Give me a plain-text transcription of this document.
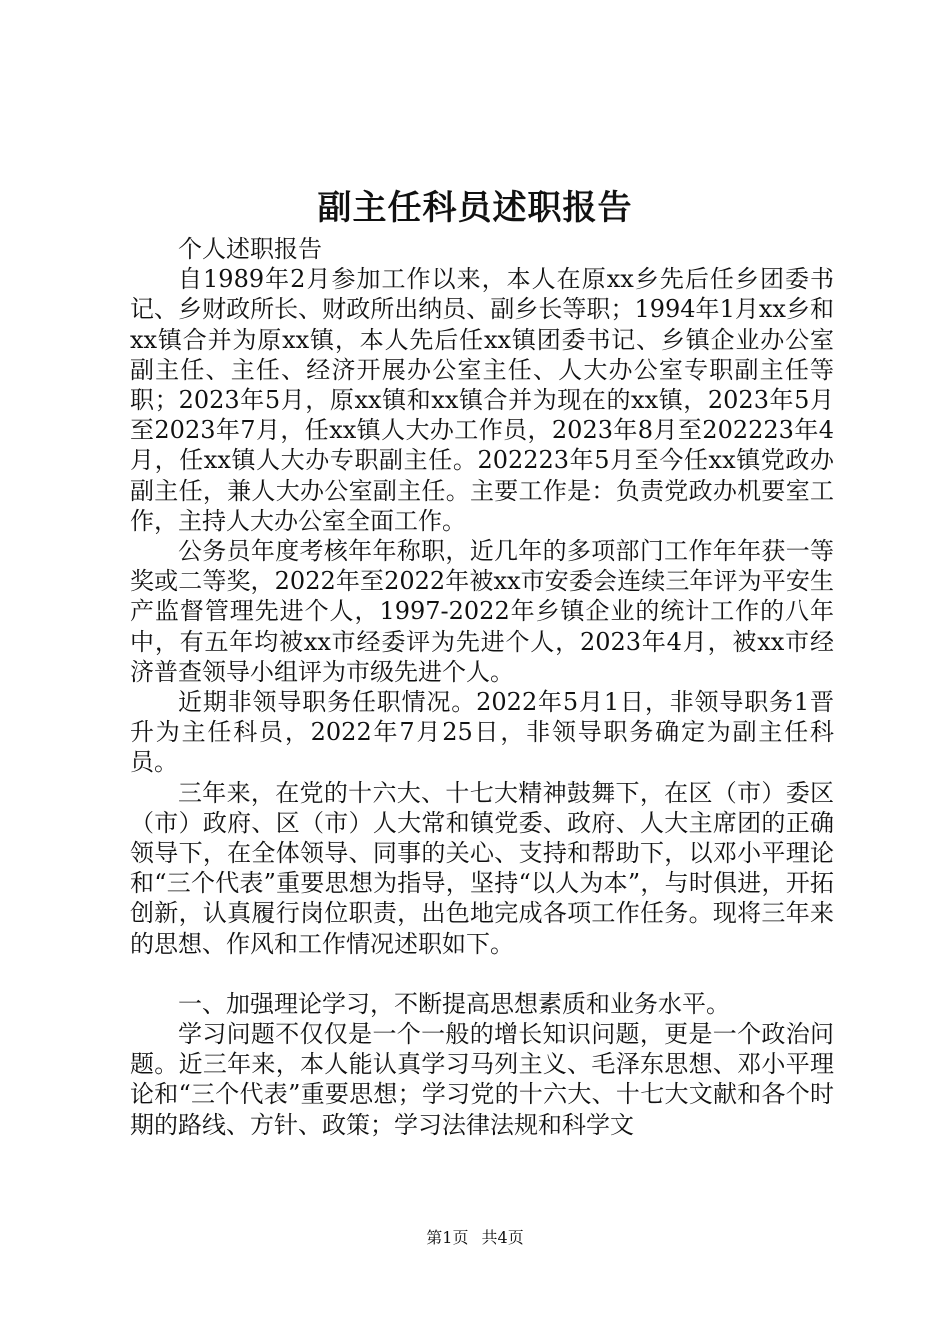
副主任科员述职报告

个人述职报告

自1989年2月参加工作以来，本人在原xx乡先后任乡团委书记、乡财政所长、财政所出纳员、副乡长等职；1994年1月xx乡和xx镇合并为原xx镇，本人先后任xx镇团委书记、乡镇企业办公室副主任、主任、经济开展办公室主任、人大办公室专职副主任等职；2023年5月，原xx镇和xx镇合并为现在的xx镇，2023年5月至2023年7月，任xx镇人大办工作员，2023年8月至202223年4月，任xx镇人大办专职副主任。202223年5月至今任xx镇党政办副主任，兼人大办公室副主任。主要工作是：负责党政办机要室工作，主持人大办公室全面工作。

公务员年度考核年年称职，近几年的多项部门工作年年获一等奖或二等奖，2022年至2022年被xx市安委会连续三年评为平安生产监督管理先进个人，1997-2022年乡镇企业的统计工作的八年中，有五年均被xx市经委评为先进个人，2023年4月，被xx市经济普查领导小组评为市级先进个人。

近期非领导职务任职情况。2022年5月1日，非领导职务1晋升为主任科员，2022年7月25日，非领导职务确定为副主任科员。

三年来，在党的十六大、十七大精神鼓舞下，在区（市）委区（市）政府、区（市）人大常和镇党委、政府、人大主席团的正确领导下，在全体领导、同事的关心、支持和帮助下，以邓小平理论和“三个代表”重要思想为指导，坚持“以人为本”，与时俱进，开拓创新，认真履行岗位职责，出色地完成各项工作任务。现将三年来的思想、作风和工作情况述职如下。

一、加强理论学习，不断提高思想素质和业务水平。

学习问题不仅仅是一个一般的增长知识问题，更是一个政治问题。近三年来，本人能认真学习马列主义、毛泽东思想、邓小平理论和“三个代表”重要思想；学习党的十六大、十七大文献和各个时期的路线、方针、政策；学习法律法规和科学文

第1页 共4页
